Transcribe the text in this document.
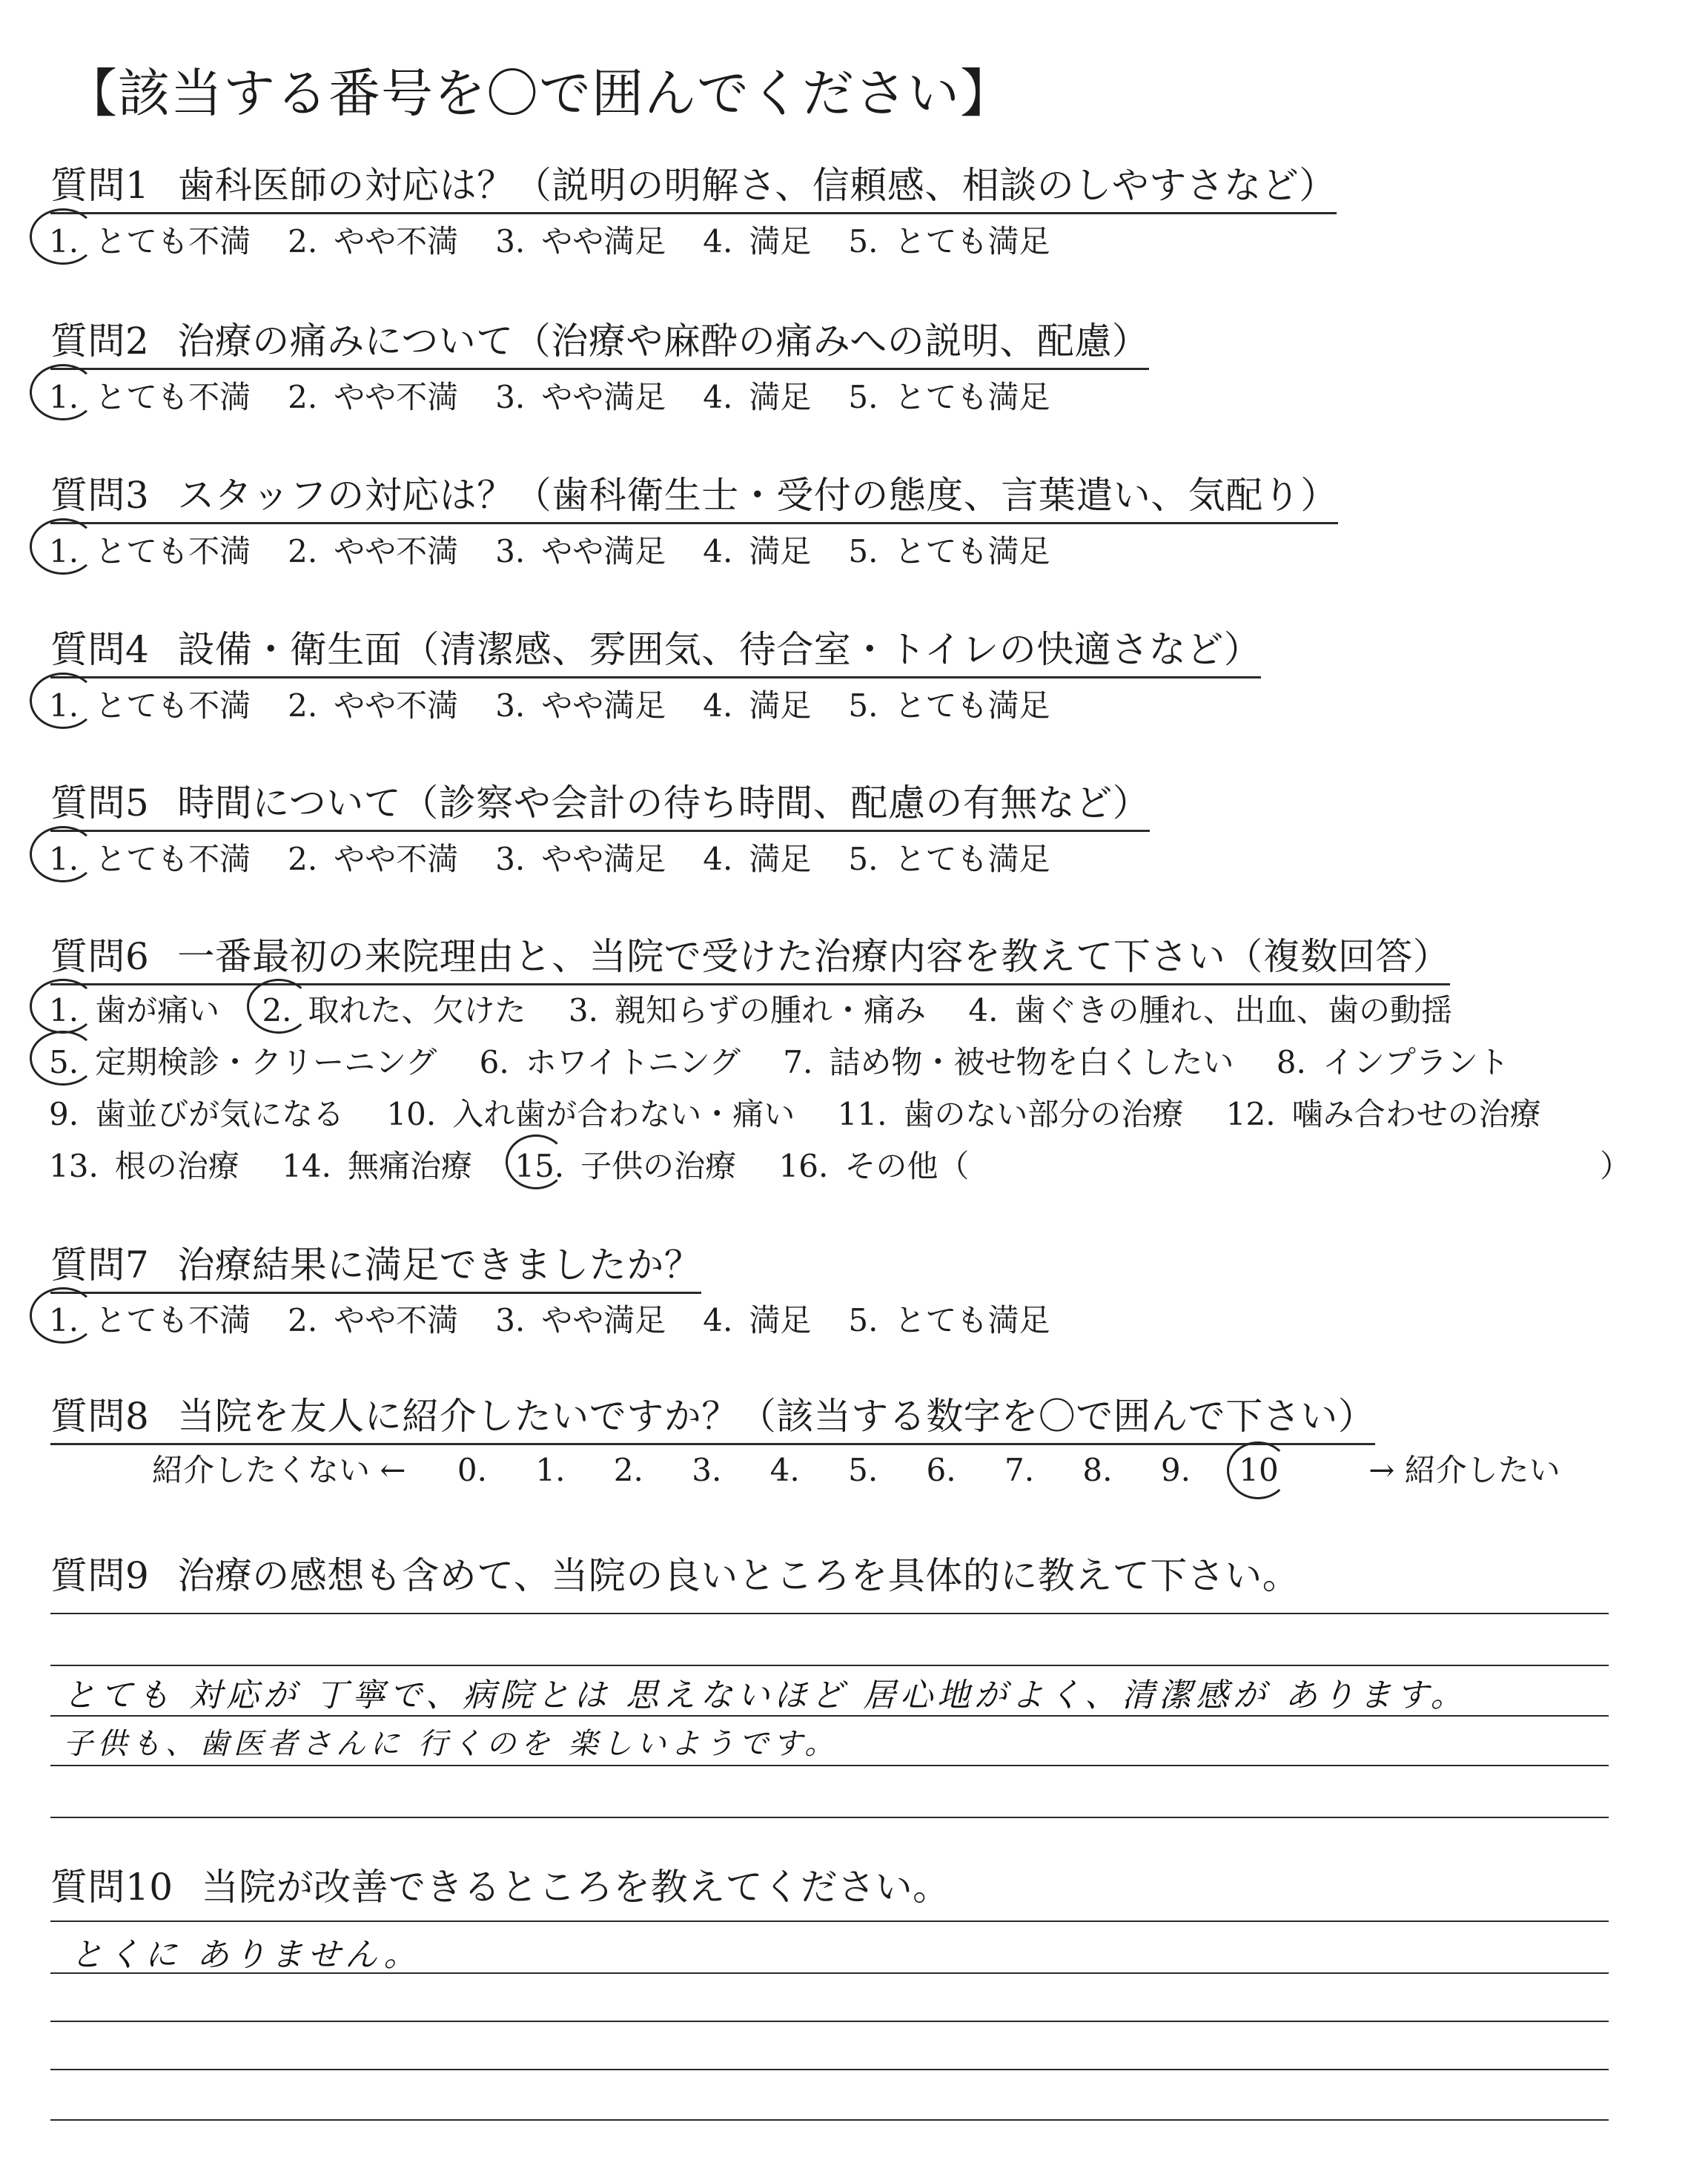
【該当する番号を〇で囲んでください】
質問1 歯科医師の対応は？（説明の明解さ、信頼感、相談のしやすさなど）
1. とても不満 2. やや不満 3. やや満足 4. 満足 5. とても満足
質問2 治療の痛みについて（治療や麻酔の痛みへの説明、配慮）
1. とても不満 2. やや不満 3. やや満足 4. 満足 5. とても満足
質問3 スタッフの対応は？（歯科衛生士・受付の態度、言葉遣い、気配り）
1. とても不満 2. やや不満 3. やや満足 4. 満足 5. とても満足
質問4 設備・衛生面（清潔感、雰囲気、待合室・トイレの快適さなど）
1. とても不満 2. やや不満 3. やや満足 4. 満足 5. とても満足
質問5 時間について（診察や会計の待ち時間、配慮の有無など）
1. とても不満 2. やや不満 3. やや満足 4. 満足 5. とても満足
質問6 一番最初の来院理由と、当院で受けた治療内容を教えて下さい（複数回答）
1. 歯が痛い 2. 取れた、欠けた 3. 親知らずの腫れ・痛み 4. 歯ぐきの腫れ、出血、歯の動揺
5. 定期検診・クリーニング 6. ホワイトニング 7. 詰め物・被せ物を白くしたい 8. インプラント
9. 歯並びが気になる 10. 入れ歯が合わない・痛い 11. 歯のない部分の治療 12. 噛み合わせの治療
13. 根の治療 14. 無痛治療 15. 子供の治療 16. その他（	）
質問7 治療結果に満足できましたか？
1. とても不満 2. やや不満 3. やや満足 4. 満足 5. とても満足
質問8 当院を友人に紹介したいですか？（該当する数字を〇で囲んで下さい）
紹介したくない ← 0. 1. 2. 3. 4. 5. 6. 7. 8. 9. 10	→ 紹介したい
質問9 治療の感想も含めて、当院の良いところを具体的に教えて下さい。
とても 対応が 丁寧で、病院とは 思えないほど 居心地がよく、清潔感が あります。
子供も、歯医者さんに 行くのを 楽しいようです。
質問10 当院が改善できるところを教えてください。
とくに ありません。
